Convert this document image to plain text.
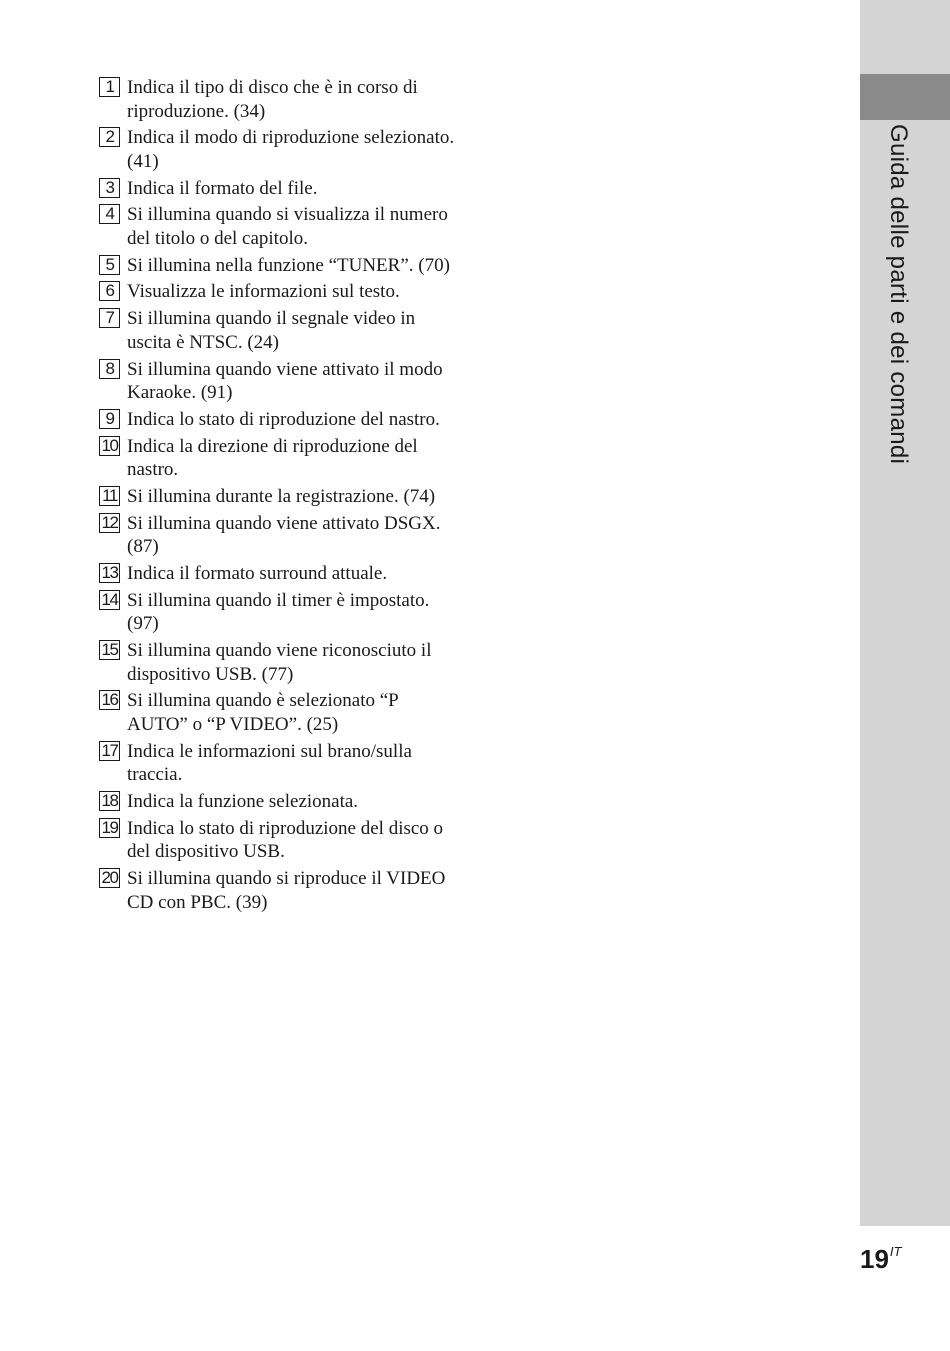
Guida delle parti e dei comandi
1 Indica il tipo di disco che è in corso di riproduzione. (34)
2 Indica il modo di riproduzione selezionato. (41)
3 Indica il formato del file.
4 Si illumina quando si visualizza il numero del titolo o del capitolo.
5 Si illumina nella funzione “TUNER”. (70)
6 Visualizza le informazioni sul testo.
7 Si illumina quando il segnale video in uscita è NTSC. (24)
8 Si illumina quando viene attivato il modo Karaoke. (91)
9 Indica lo stato di riproduzione del nastro.
10 Indica la direzione di riproduzione del nastro.
11 Si illumina durante la registrazione. (74)
12 Si illumina quando viene attivato DSGX. (87)
13 Indica il formato surround attuale.
14 Si illumina quando il timer è impostato. (97)
15 Si illumina quando viene riconosciuto il dispositivo USB. (77)
16 Si illumina quando è selezionato “P AUTO” o “P VIDEO”. (25)
17 Indica le informazioni sul brano/sulla traccia.
18 Indica la funzione selezionata.
19 Indica lo stato di riproduzione del disco o del dispositivo USB.
20 Si illumina quando si riproduce il VIDEO CD con PBC. (39)
$19^{IT}$
